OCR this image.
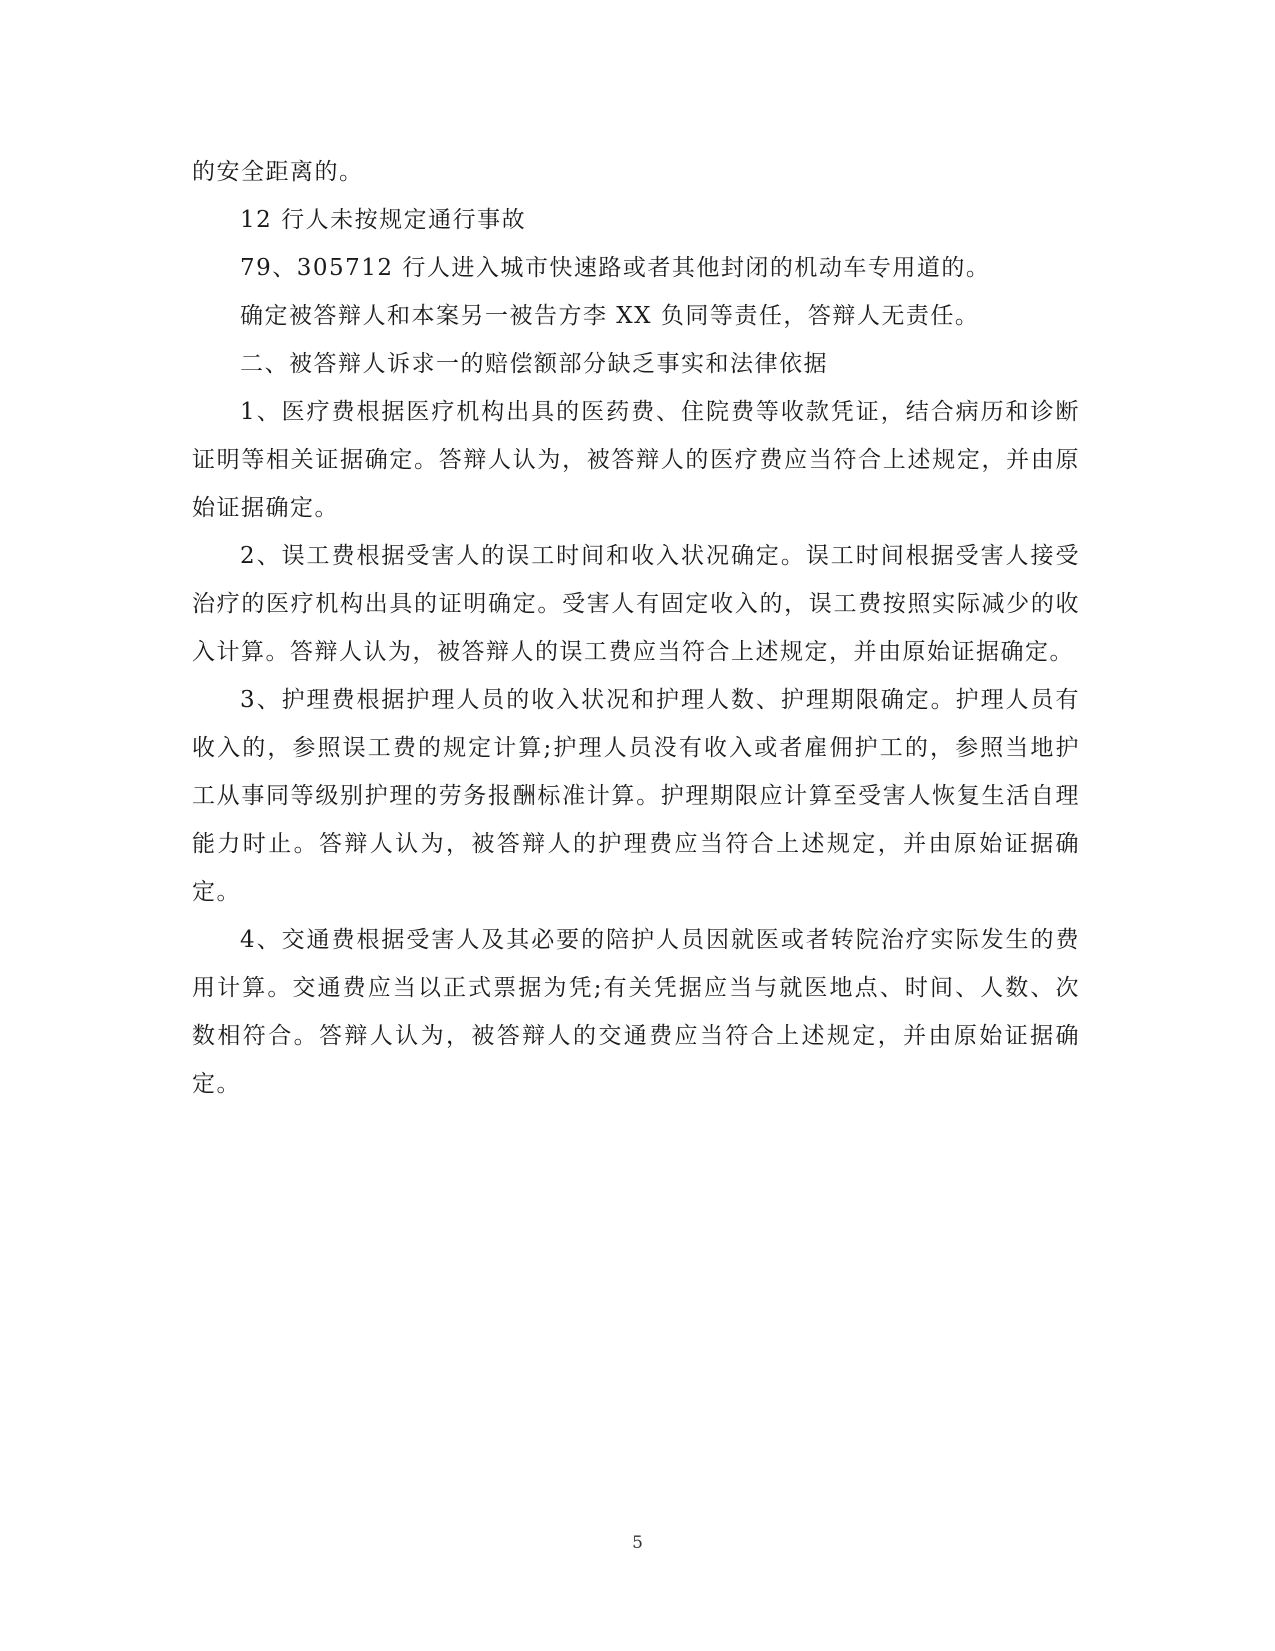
的安全距离的。

12 行人未按规定通行事故

79、305712 行人进入城市快速路或者其他封闭的机动车专用道的。

确定被答辩人和本案另一被告方李 XX 负同等责任，答辩人无责任。

二、被答辩人诉求一的赔偿额部分缺乏事实和法律依据

1、医疗费根据医疗机构出具的医药费、住院费等收款凭证，结合病历和诊断证明等相关证据确定。答辩人认为，被答辩人的医疗费应当符合上述规定，并由原始证据确定。

2、误工费根据受害人的误工时间和收入状况确定。误工时间根据受害人接受治疗的医疗机构出具的证明确定。受害人有固定收入的，误工费按照实际减少的收入计算。答辩人认为，被答辩人的误工费应当符合上述规定，并由原始证据确定。

3、护理费根据护理人员的收入状况和护理人数、护理期限确定。护理人员有收入的，参照误工费的规定计算;护理人员没有收入或者雇佣护工的，参照当地护工从事同等级别护理的劳务报酬标准计算。护理期限应计算至受害人恢复生活自理能力时止。答辩人认为，被答辩人的护理费应当符合上述规定，并由原始证据确定。

4、交通费根据受害人及其必要的陪护人员因就医或者转院治疗实际发生的费用计算。交通费应当以正式票据为凭;有关凭据应当与就医地点、时间、人数、次数相符合。答辩人认为，被答辩人的交通费应当符合上述规定，并由原始证据确定。

5
